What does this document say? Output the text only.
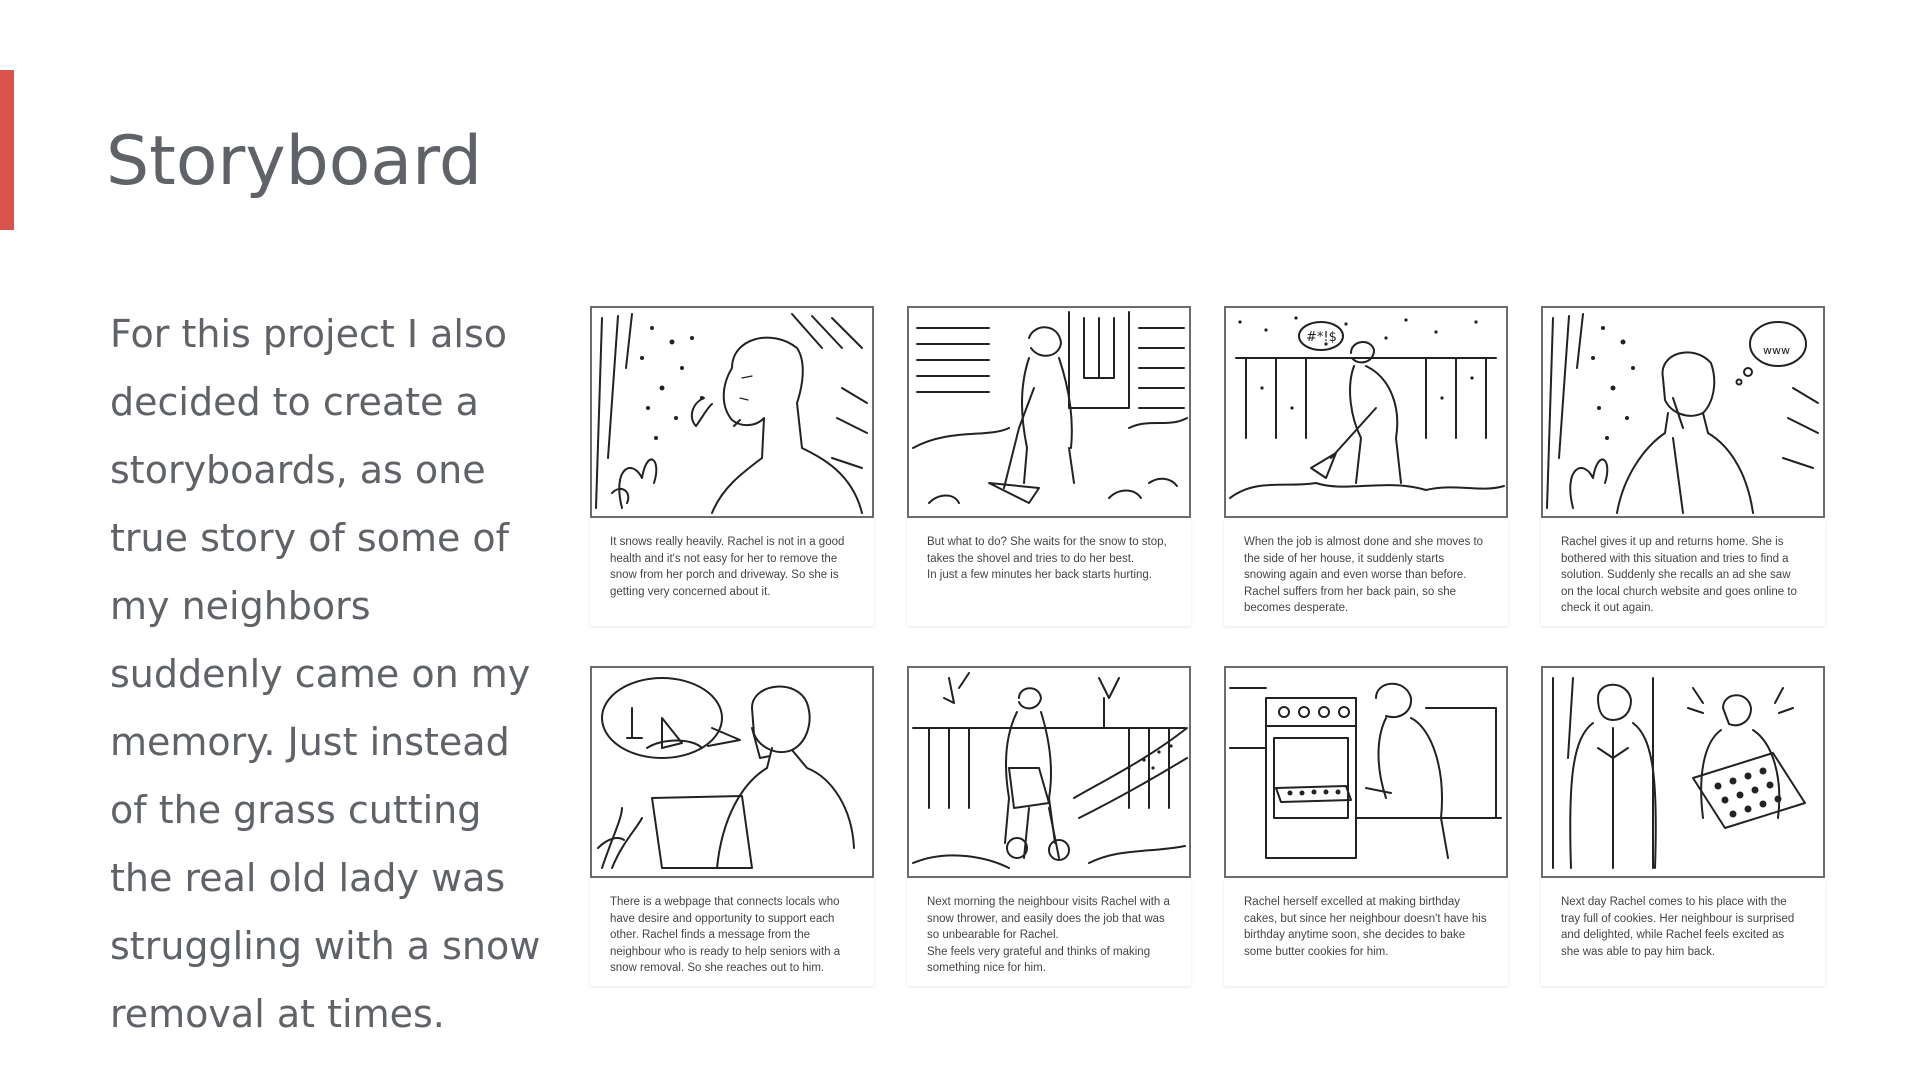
Storyboard

For this project I also decided to create a storyboards, as one true story of some of my neighbors suddenly came on my memory. Just instead of the grass cutting the real old lady was struggling with a snow removal at times.

It snows really heavily. Rachel is not in a good health and it's not easy for her to remove the snow from her porch and driveway. So she is getting very concerned about it.
But what to do? She waits for the snow to stop, takes the shovel and tries to do her best.
In just a few minutes her back starts hurting.
#*!$
When the job is almost done and she moves to the side of her house, it suddenly starts snowing again and even worse than before. Rachel suffers from her back pain, so she becomes desperate.
www
Rachel gives it up and returns home. She is bothered with this situation and tries to find a solution. Suddenly she recalls an ad she saw on the local church website and goes online to check it out again.
There is a webpage that connects locals who have desire and opportunity to support each other. Rachel finds a message from the neighbour who is ready to help seniors with a snow removal. So she reaches out to him.
Next morning the neighbour visits Rachel with a snow thrower, and easily does the job that was so unbearable for Rachel.
She feels very grateful and thinks of making something nice for him.
Rachel herself excelled at making birthday cakes, but since her neighbour doesn't have his birthday anytime soon, she decides to bake some butter cookies for him.
Next day Rachel comes to his place with the tray full of cookies. Her neighbour is surprised and delighted, while Rachel feels excited as she was able to pay him back.
